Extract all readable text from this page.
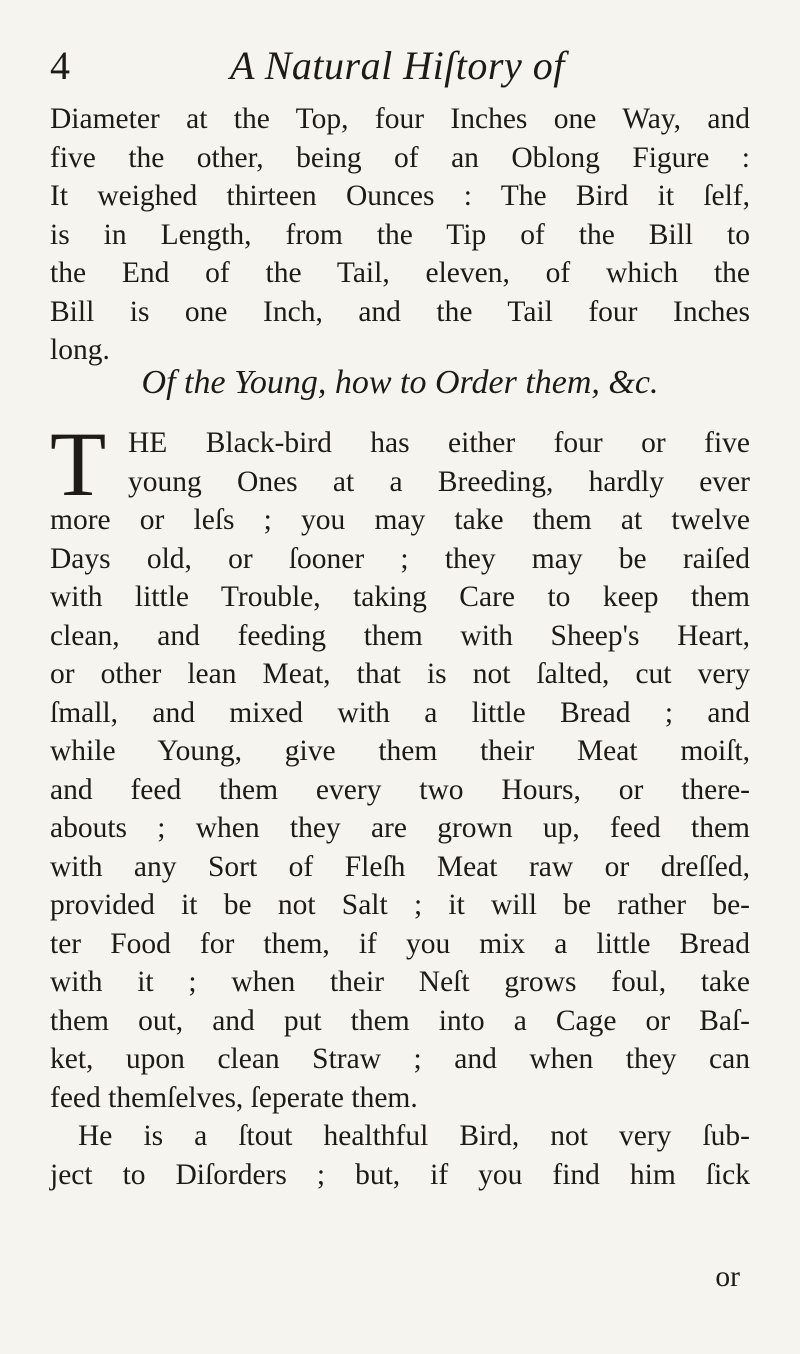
4	A Natural Hiſtory of
Diameter at the Top, four Inches one Way, and
five the other, being of an Oblong Figure :
It weighed thirteen Ounces : The Bird it ſelf,
is in Length, from the Tip of the Bill to
the End of the Tail, eleven, of which the
Bill is one Inch, and the Tail four Inches
long.
Of the Young, how to Order them, &c.
T HE Black-bird has either four or five
young Ones at a Breeding, hardly ever
more or leſs ; you may take them at twelve
Days old, or ſooner ; they may be raiſed
with little Trouble, taking Care to keep them
clean, and feeding them with Sheep's Heart,
or other lean Meat, that is not ſalted, cut very
ſmall, and mixed with a little Bread ; and
while Young, give them their Meat moiſt,
and feed them every two Hours, or there-
abouts ; when they are grown up, feed them
with any Sort of Fleſh Meat raw or dreſſed,
provided it be not Salt ; it will be rather be-
ter Food for them, if you mix a little Bread
with it ; when their Neſt grows foul, take
them out, and put them into a Cage or Baſ-
ket, upon clean Straw ; and when they can
feed themſelves, ſeperate them.
He is a ſtout healthful Bird, not very ſub-
ject to Diſorders ; but, if you find him ſick
or
